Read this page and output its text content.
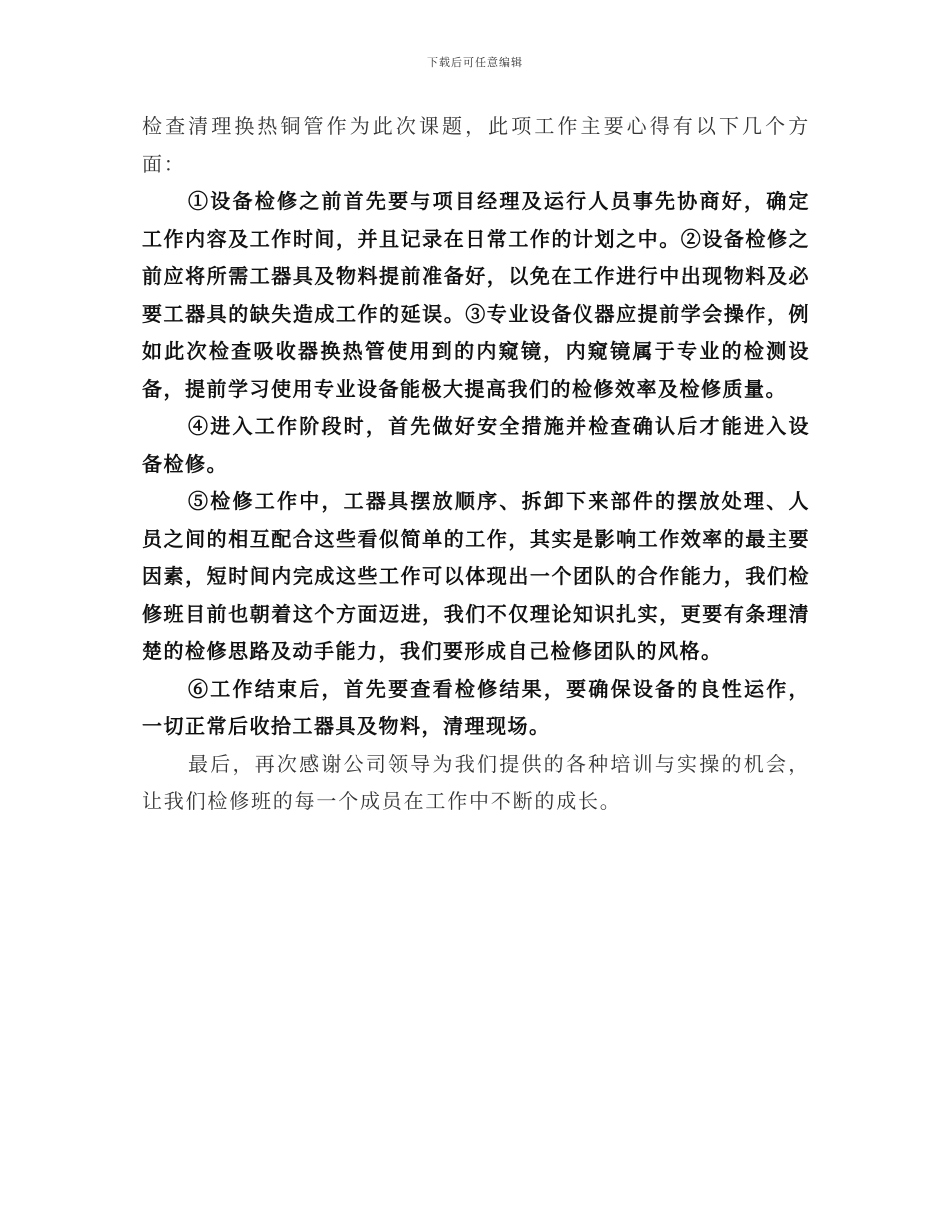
下载后可任意编辑

检查清理换热铜管作为此次课题，此项工作主要心得有以下几个方面：

①设备检修之前首先要与项目经理及运行人员事先协商好，确定工作内容及工作时间，并且记录在日常工作的计划之中。②设备检修之前应将所需工器具及物料提前准备好，以免在工作进行中出现物料及必要工器具的缺失造成工作的延误。③专业设备仪器应提前学会操作，例如此次检查吸收器换热管使用到的内窥镜，内窥镜属于专业的检测设备，提前学习使用专业设备能极大提高我们的检修效率及检修质量。

④进入工作阶段时，首先做好安全措施并检查确认后才能进入设备检修。

⑤检修工作中，工器具摆放顺序、拆卸下来部件的摆放处理、人员之间的相互配合这些看似简单的工作，其实是影响工作效率的最主要因素，短时间内完成这些工作可以体现出一个团队的合作能力，我们检修班目前也朝着这个方面迈进，我们不仅理论知识扎实，更要有条理清楚的检修思路及动手能力，我们要形成自己检修团队的风格。

⑥工作结束后，首先要查看检修结果，要确保设备的良性运作，一切正常后收拾工器具及物料，清理现场。

最后，再次感谢公司领导为我们提供的各种培训与实操的机会，让我们检修班的每一个成员在工作中不断的成长。
